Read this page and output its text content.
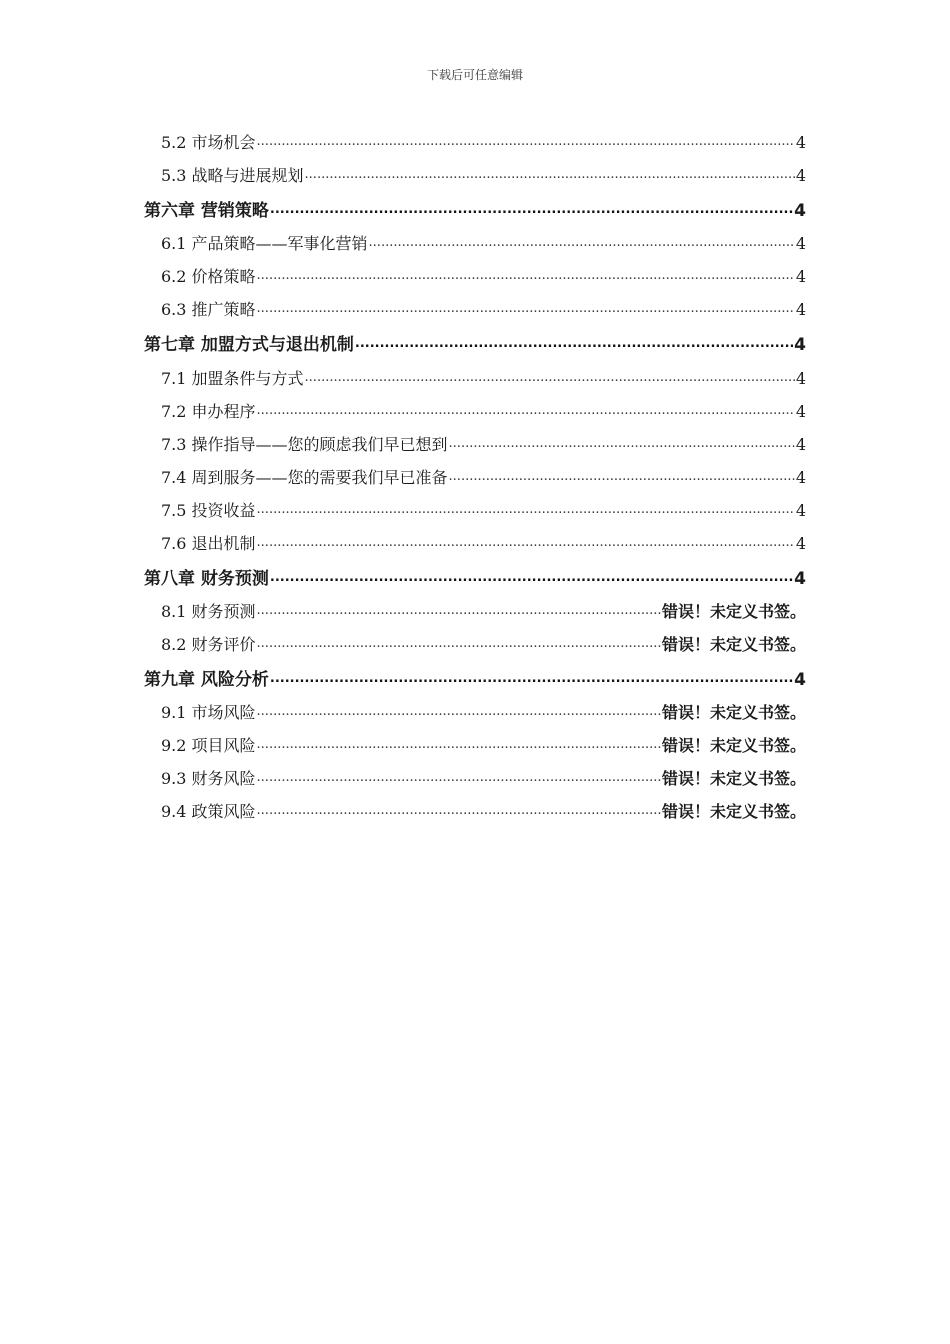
下载后可任意编辑
5.2 市场机会 .....	4
5.3 战略与进展规划 .....	4
第六章 营销策略 .....	4
6.1 产品策略——军事化营销 .....	4
6.2 价格策略 .....	4
6.3 推广策略 .....	4
第七章 加盟方式与退出机制 .....	4
7.1 加盟条件与方式 .....	4
7.2 申办程序 .....	4
7.3 操作指导——您的顾虑我们早已想到 .....	4
7.4 周到服务——您的需要我们早已准备 .....	4
7.5 投资收益 .....	4
7.6 退出机制 .....	4
第八章 财务预测 .....	4
8.1 财务预测 .....	错误！未定义书签。
8.2 财务评价 .....	错误！未定义书签。
第九章 风险分析 .....	4
9.1 市场风险 .....	错误！未定义书签。
9.2 项目风险 .....	错误！未定义书签。
9.3 财务风险 .....	错误！未定义书签。
9.4 政策风险 .....	错误！未定义书签。
